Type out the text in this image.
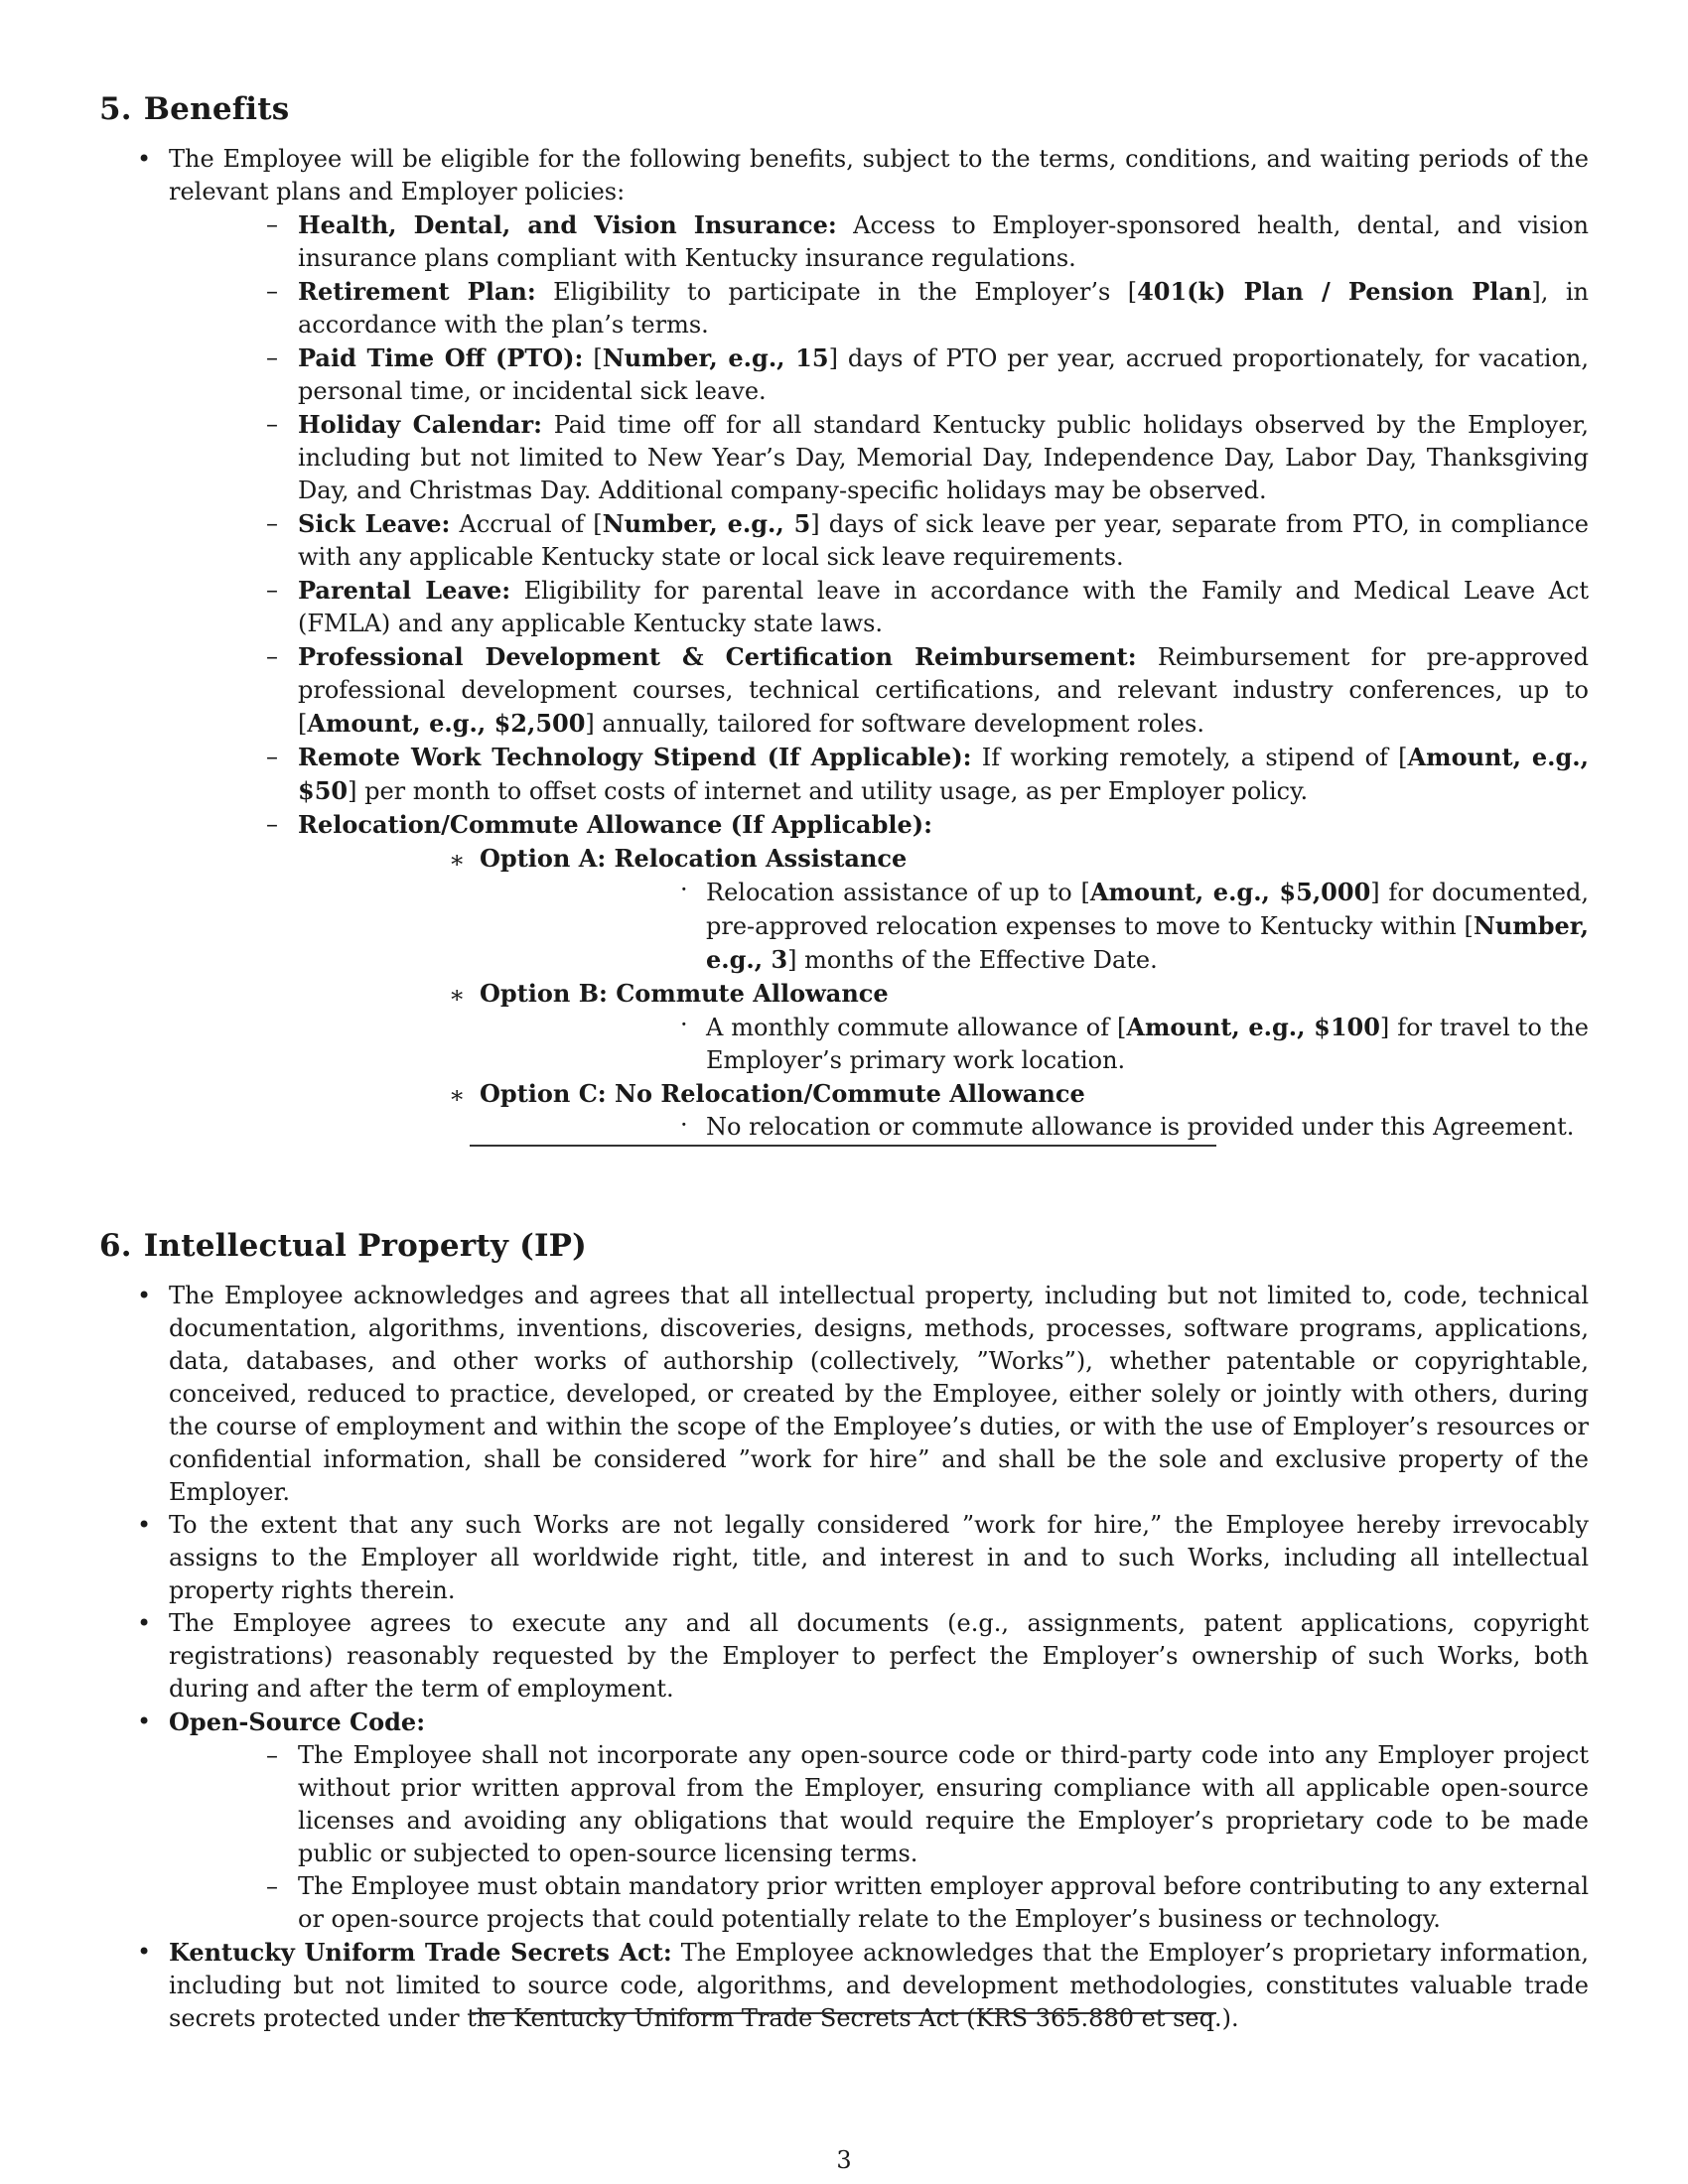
5. Benefits
• The Employee will be eligible for the following benefits, subject to the terms, conditions, and waiting periods of the relevant plans and Employer policies:
– Health, Dental, and Vision Insurance: Access to Employer-sponsored health, dental, and vision insurance plans compliant with Kentucky insurance regulations.
– Retirement Plan: Eligibility to participate in the Employer’s [401(k) Plan / Pension Plan], in accordance with the plan’s terms.
– Paid Time Off (PTO): [Number, e.g., 15] days of PTO per year, accrued proportionately, for vacation, personal time, or incidental sick leave.
– Holiday Calendar: Paid time off for all standard Kentucky public holidays observed by the Employer, including but not limited to New Year’s Day, Memorial Day, Independence Day, Labor Day, Thanksgiving Day, and Christmas Day. Additional company-specific holidays may be observed.
– Sick Leave: Accrual of [Number, e.g., 5] days of sick leave per year, separate from PTO, in compliance with any applicable Kentucky state or local sick leave requirements.
– Parental Leave: Eligibility for parental leave in accordance with the Family and Medical Leave Act (FMLA) and any applicable Kentucky state laws.
– Professional Development & Certification Reimbursement: Reimbursement for pre-approved professional development courses, technical certifications, and relevant industry conferences, up to [Amount, e.g., $2,500] annually, tailored for software development roles.
– Remote Work Technology Stipend (If Applicable): If working remotely, a stipend of [Amount, e.g., $50] per month to offset costs of internet and utility usage, as per Employer policy.
– Relocation/Commute Allowance (If Applicable):
∗ Option A: Relocation Assistance
· Relocation assistance of up to [Amount, e.g., $5,000] for documented, pre-approved relocation expenses to move to Kentucky within [Number, e.g., 3] months of the Effective Date.
∗ Option B: Commute Allowance
· A monthly commute allowance of [Amount, e.g., $100] for travel to the Employer’s primary work location.
∗ Option C: No Relocation/Commute Allowance
· No relocation or commute allowance is provided under this Agreement.
6. Intellectual Property (IP)
• The Employee acknowledges and agrees that all intellectual property, including but not limited to, code, technical documentation, algorithms, inventions, discoveries, designs, methods, processes, software programs, applications, data, databases, and other works of authorship (collectively, ”Works”), whether patentable or copyrightable, conceived, reduced to practice, developed, or created by the Employee, either solely or jointly with others, during the course of employment and within the scope of the Employee’s duties, or with the use of Employer’s resources or confidential information, shall be considered ”work for hire” and shall be the sole and exclusive property of the Employer.
• To the extent that any such Works are not legally considered ”work for hire,” the Employee hereby irrevocably assigns to the Employer all worldwide right, title, and interest in and to such Works, including all intellectual property rights therein.
• The Employee agrees to execute any and all documents (e.g., assignments, patent applications, copyright registrations) reasonably requested by the Employer to perfect the Employer’s ownership of such Works, both during and after the term of employment.
• Open-Source Code:
– The Employee shall not incorporate any open-source code or third-party code into any Employer project without prior written approval from the Employer, ensuring compliance with all applicable open-source licenses and avoiding any obligations that would require the Employer’s proprietary code to be made public or subjected to open-source licensing terms.
– The Employee must obtain mandatory prior written employer approval before contributing to any external or open-source projects that could potentially relate to the Employer’s business or technology.
• Kentucky Uniform Trade Secrets Act: The Employee acknowledges that the Employer’s proprietary information, including but not limited to source code, algorithms, and development methodologies, constitutes valuable trade secrets protected under the Kentucky Uniform Trade Secrets Act (KRS 365.880 et seq.).
3
